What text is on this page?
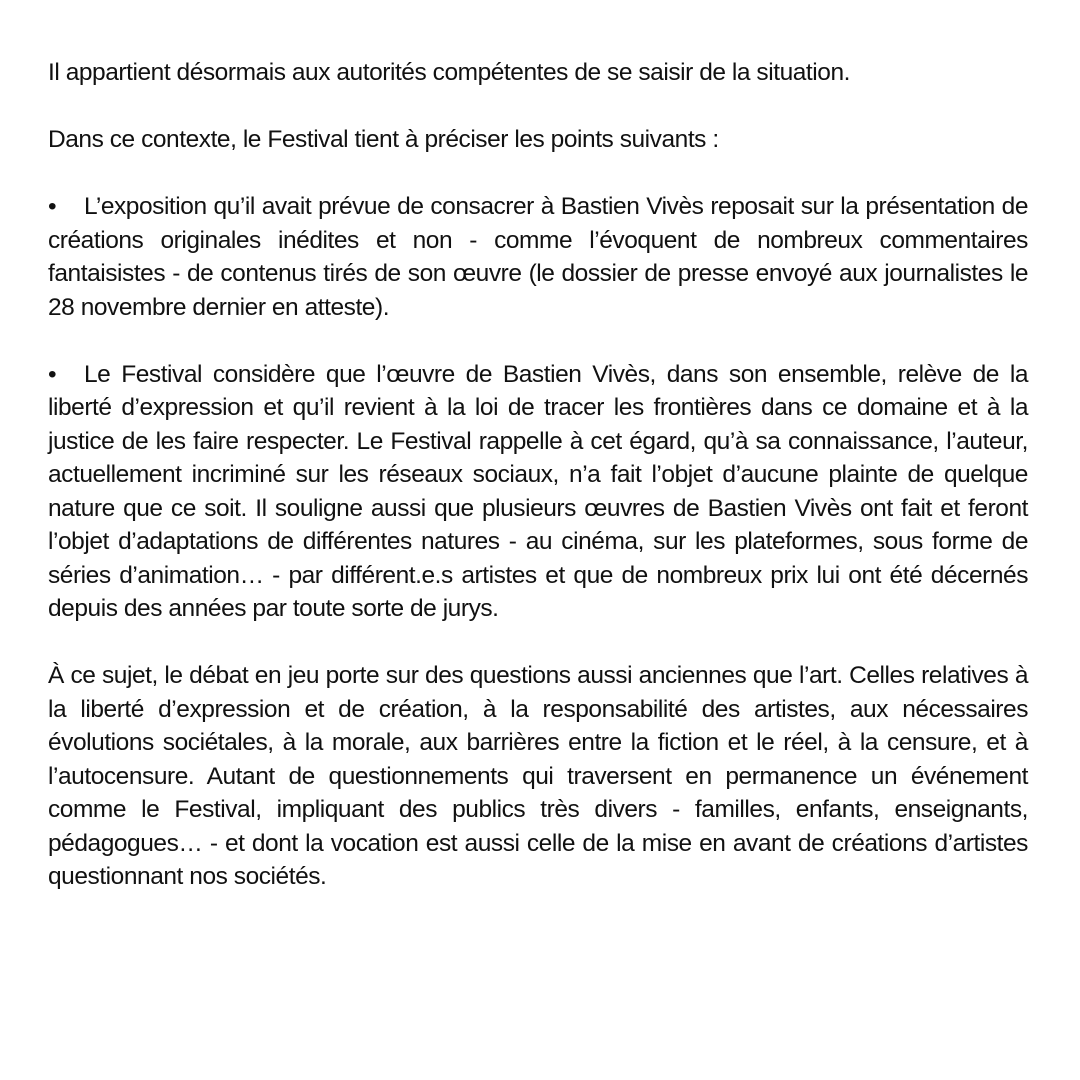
Il appartient désormais aux autorités compétentes de se saisir de la situation.

Dans ce contexte, le Festival tient à préciser les points suivants :

• L’exposition qu’il avait prévue de consacrer à Bastien Vivès reposait sur la présentation de créations originales inédites et non - comme l’évoquent de nombreux commentaires fantaisistes - de contenus tirés de son œuvre (le dossier de presse envoyé aux journalistes le 28 novembre dernier en atteste).

• Le Festival considère que l’œuvre de Bastien Vivès, dans son ensemble, relève de la liberté d’expression et qu’il revient à la loi de tracer les frontières dans ce domaine et à la justice de les faire respecter. Le Festival rappelle à cet égard, qu’à sa connaissance, l’auteur, actuellement incriminé sur les réseaux sociaux, n’a fait l’objet d’aucune plainte de quelque nature que ce soit. Il souligne aussi que plusieurs œuvres de Bastien Vivès ont fait et feront l’objet d’adaptations de différentes natures - au cinéma, sur les plateformes, sous forme de séries d’animation… - par différent.e.s artistes et que de nombreux prix lui ont été décernés depuis des années par toute sorte de jurys.

À ce sujet, le débat en jeu porte sur des questions aussi anciennes que l’art. Celles relatives à la liberté d’expression et de création, à la responsabilité des artistes, aux nécessaires évolutions sociétales, à la morale, aux barrières entre la fiction et le réel, à la censure, et à l’autocensure. Autant de questionnements qui traversent en permanence un événement comme le Festival, impliquant des publics très divers - familles, enfants, enseignants, pédagogues… - et dont la vocation est aussi celle de la mise en avant de créations d’artistes questionnant nos sociétés.
